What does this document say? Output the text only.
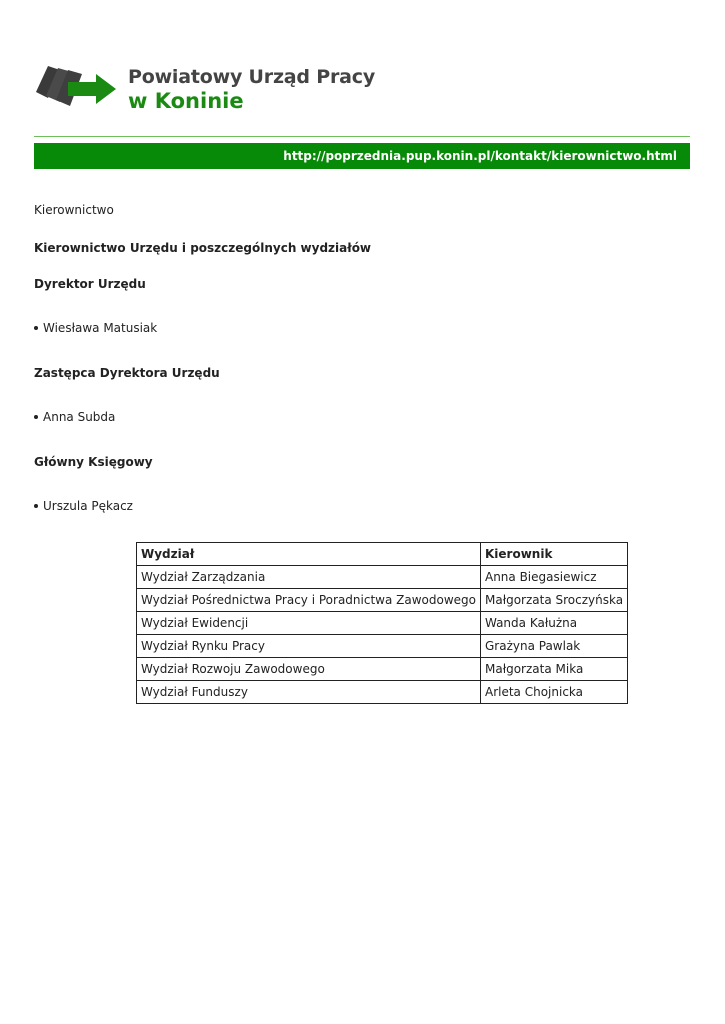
Powiatowy Urząd Pracy
w Koninie
http://poprzednia.pup.konin.pl/kontakt/kierownictwo.html
Kierownictwo
Kierownictwo Urzędu i poszczególnych wydziałów
Dyrektor Urzędu
Wiesława Matusiak
Zastępca Dyrektora Urzędu
Anna Subda
Główny Księgowy
Urszula Pękacz
Wydział	Kierownik
Wydział Zarządzania	Anna Biegasiewicz
Wydział Pośrednictwa Pracy i Poradnictwa Zawodowego	Małgorzata Sroczyńska
Wydział Ewidencji	Wanda Kałużna
Wydział Rynku Pracy	Grażyna Pawlak
Wydział Rozwoju Zawodowego	Małgorzata Mika
Wydział Funduszy	Arleta Chojnicka
